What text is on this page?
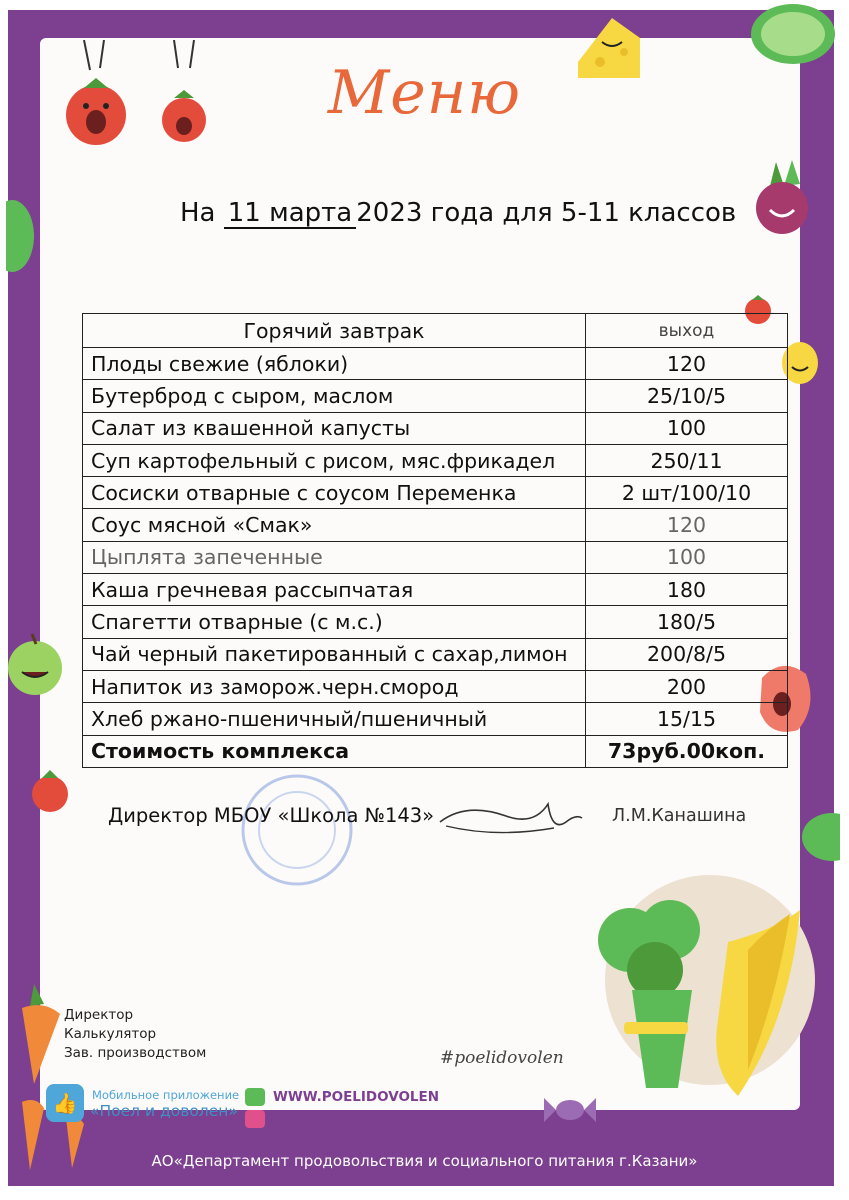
Меню
На 11 марта 2023 года для 5-11 классов
Горячий завтрак	выход
Плоды свежие (яблоки)	120
Бутерброд с сыром, маслом	25/10/5
Салат из квашенной капусты	100
Суп картофельный с рисом, мяс.фрикадел	250/11
Сосиски отварные с соусом Переменка	2 шт/100/10
Соус мясной «Смак»	120
Цыплята запеченные	100
Каша гречневая рассыпчатая	180
Спагетти отварные (с м.с.)	180/5
Чай черный пакетированный с сахар,лимон	200/8/5
Напиток из заморож.черн.смород	200
Хлеб ржано-пшеничный/пшеничный	15/15
Стоимость комплекса	73руб.00коп.
Директор МБОУ «Школа №143»	Л.М.Канашина
Директор
Калькулятор
Зав. производством	#poelidovolen
👍	Мобильное приложение
«Поел и доволен»
WWW.POELIDOVOLEN
@DEPARTAMENT_PRODOVOLSTVIYA
АО«Департамент продовольствия и социального питания г.Казани»
